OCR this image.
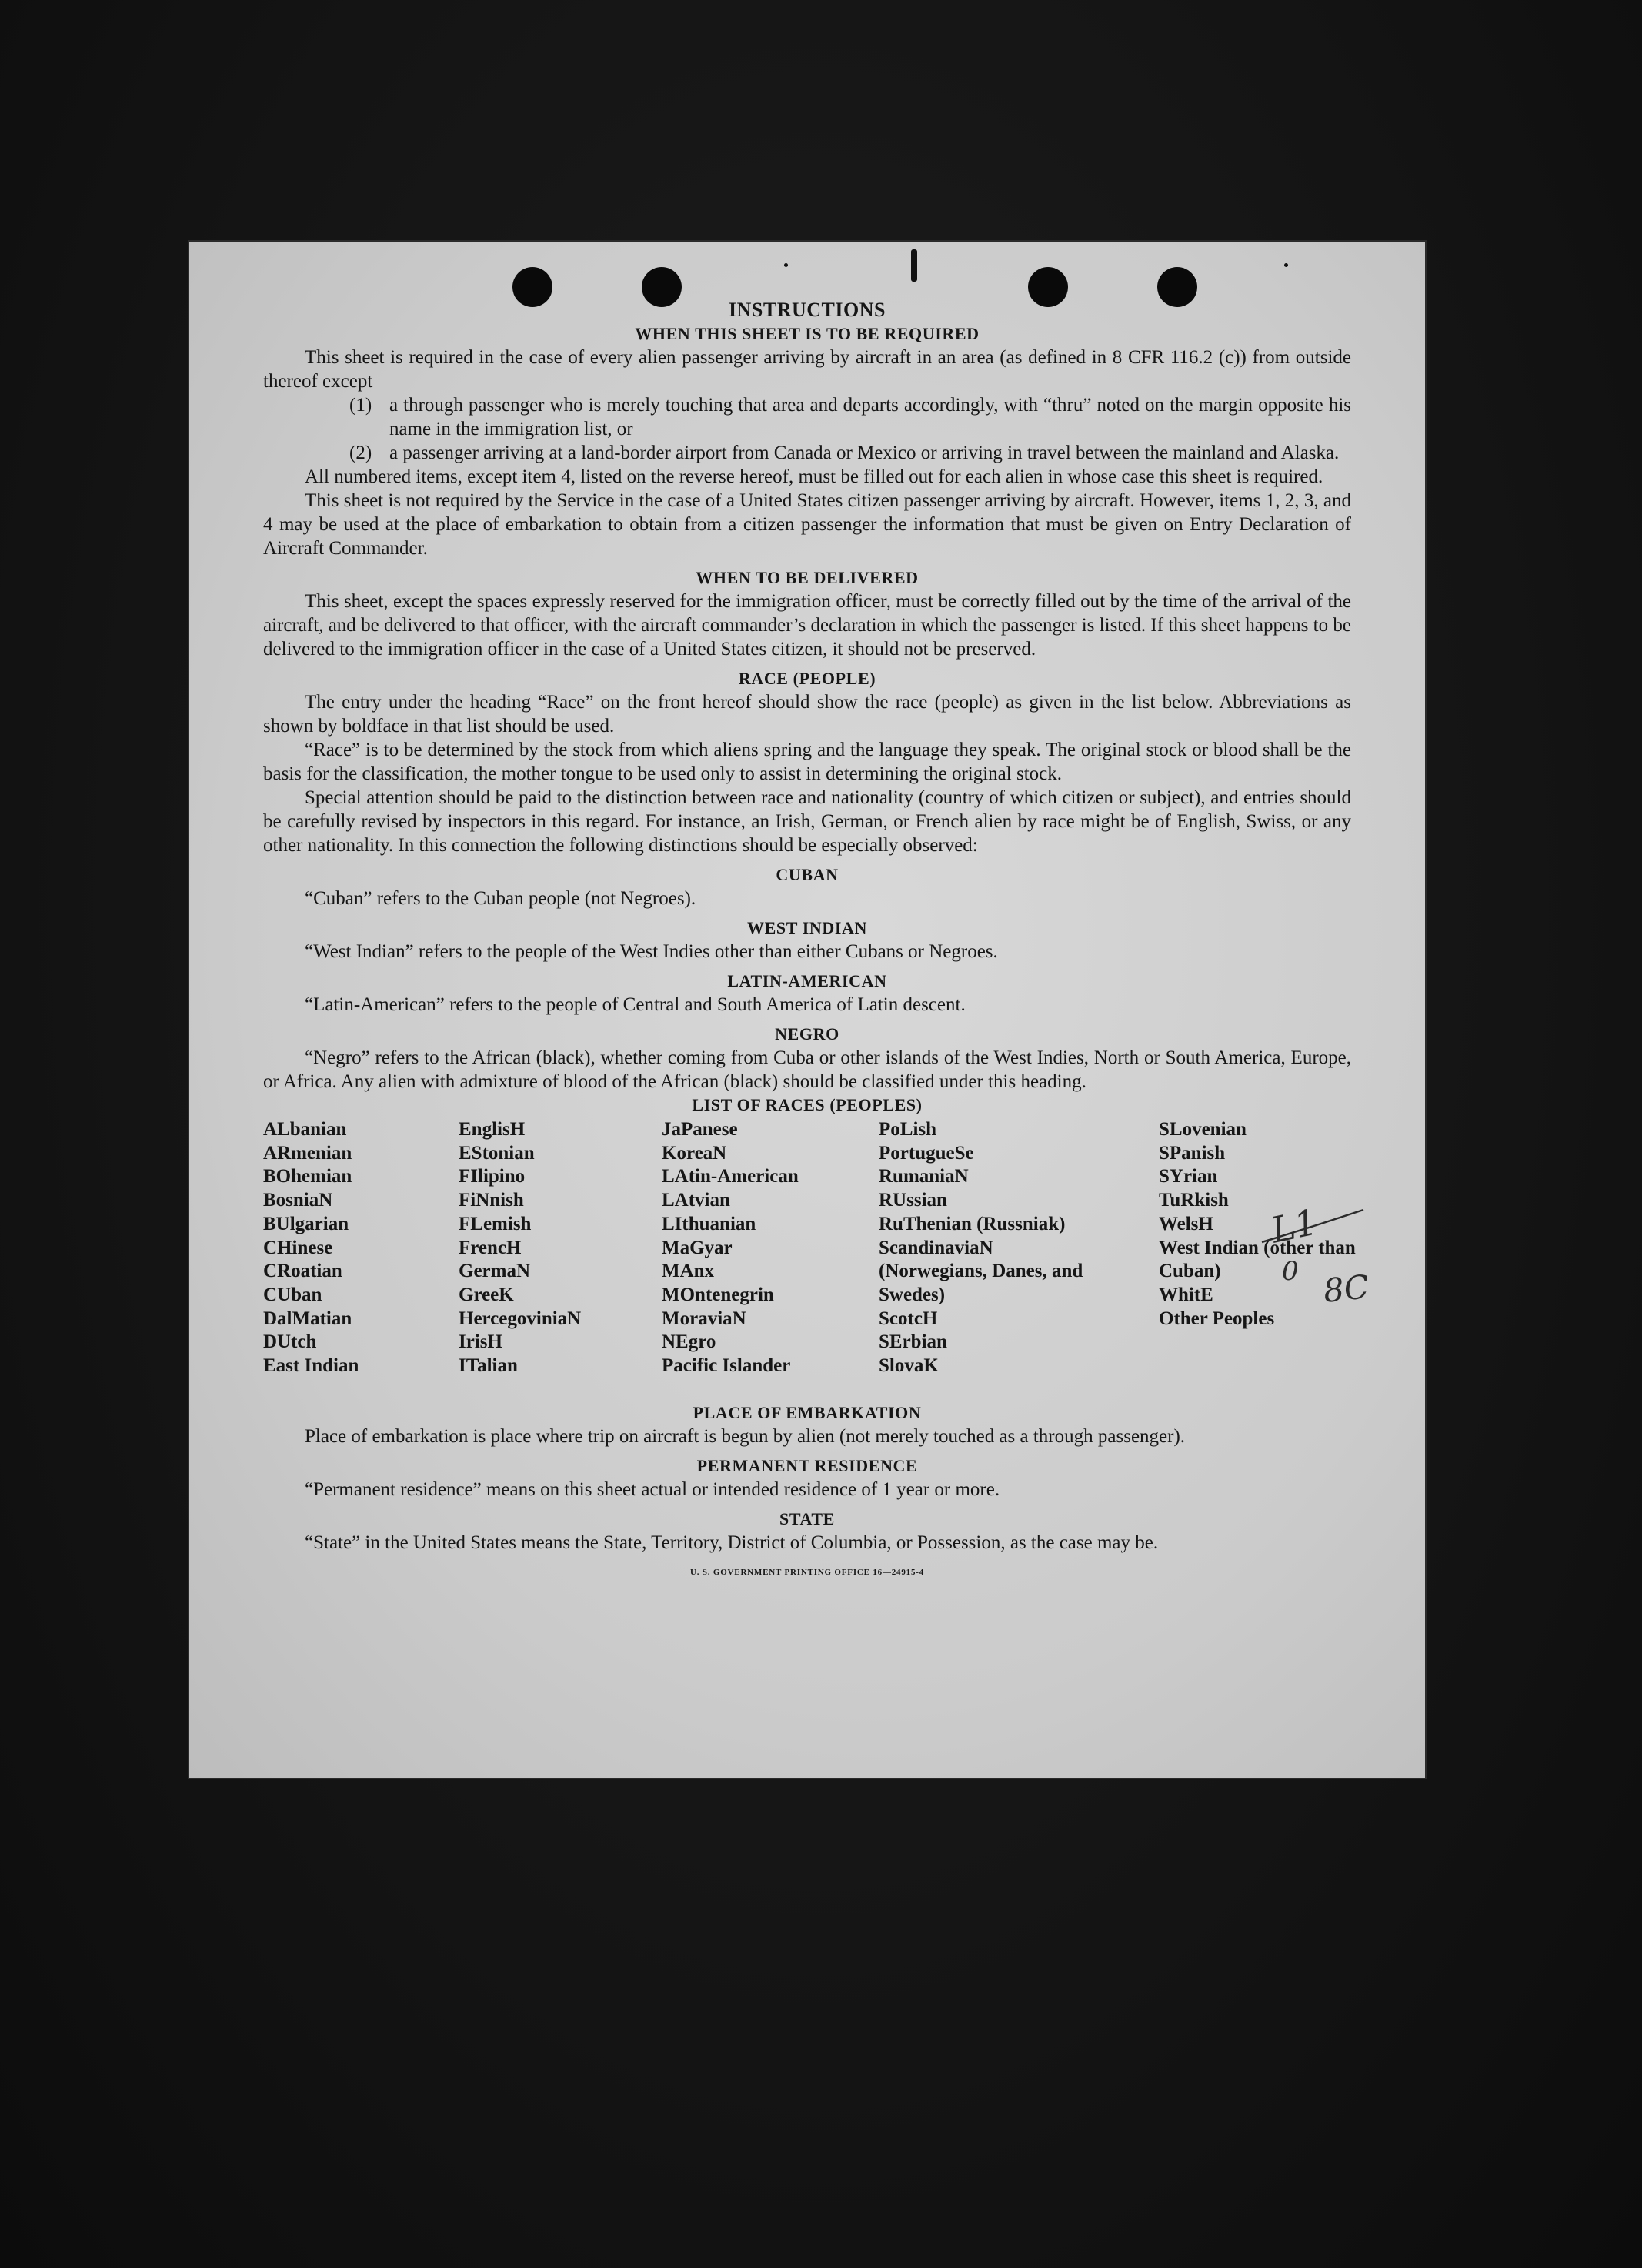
INSTRUCTIONS

WHEN THIS SHEET IS TO BE REQUIRED

This sheet is required in the case of every alien passenger arriving by aircraft in an area (as defined in 8 CFR 116.2 (c)) from outside thereof except

(1) a through passenger who is merely touching that area and departs accordingly, with “thru” noted on the margin opposite his name in the immigration list, or

(2) a passenger arriving at a land-border airport from Canada or Mexico or arriving in travel between the mainland and Alaska.

All numbered items, except item 4, listed on the reverse hereof, must be filled out for each alien in whose case this sheet is required.

This sheet is not required by the Service in the case of a United States citizen passenger arriving by aircraft. However, items 1, 2, 3, and 4 may be used at the place of embarkation to obtain from a citizen passenger the information that must be given on Entry Declaration of Aircraft Commander.

WHEN TO BE DELIVERED

This sheet, except the spaces expressly reserved for the immigration officer, must be correctly filled out by the time of the arrival of the aircraft, and be delivered to that officer, with the aircraft commander’s declaration in which the passenger is listed. If this sheet happens to be delivered to the immigration officer in the case of a United States citizen, it should not be preserved.

RACE (PEOPLE)

The entry under the heading “Race” on the front hereof should show the race (people) as given in the list below. Abbreviations as shown by boldface in that list should be used.

“Race” is to be determined by the stock from which aliens spring and the language they speak. The original stock or blood shall be the basis for the classification, the mother tongue to be used only to assist in determining the original stock.

Special attention should be paid to the distinction between race and nationality (country of which citizen or subject), and entries should be carefully revised by inspectors in this regard. For instance, an Irish, German, or French alien by race might be of English, Swiss, or any other nationality. In this connection the following distinctions should be especially observed:

CUBAN

“Cuban” refers to the Cuban people (not Negroes).

WEST INDIAN

“West Indian” refers to the people of the West Indies other than either Cubans or Negroes.

LATIN-AMERICAN

“Latin-American” refers to the people of Central and South America of Latin descent.

NEGRO

“Negro” refers to the African (black), whether coming from Cuba or other islands of the West Indies, North or South America, Europe, or Africa. Any alien with admixture of blood of the African (black) should be classified under this heading.

LIST OF RACES (PEOPLES)

ALbanian
ARmenian
BOhemian
BosniaN
BUlgarian
CHinese
CRoatian
CUban
DalMatian
DUtch
East Indian
EnglisH
EStonian
FIlipino
FiNnish
FLemish
FrencH
GermaN
GreeK
HercegoviniaN
IrisH
ITalian
JaPanese
KoreaN
LAtin-American
LAtvian
LIthuanian
MaGyar
MAnx
MOntenegrin
MoraviaN
NEgro
Pacific Islander
PoLish
PortugueSe
RumaniaN
RUssian
RuThenian (Russniak)
ScandinaviaN (Norwegians, Danes, and Swedes)
ScotcH
SErbian
SlovaK
SLovenian
SPanish
SYrian
TuRkish
WelsH
West Indian (other than Cuban)
WhitE
Other Peoples

PLACE OF EMBARKATION

Place of embarkation is place where trip on aircraft is begun by alien (not merely touched as a through passenger).

PERMANENT RESIDENCE

“Permanent residence” means on this sheet actual or intended residence of 1 year or more.

STATE

“State” in the United States means the State, Territory, District of Columbia, or Possession, as the case may be.

U. S. GOVERNMENT PRINTING OFFICE 16—24915-4

L1
0 8C
